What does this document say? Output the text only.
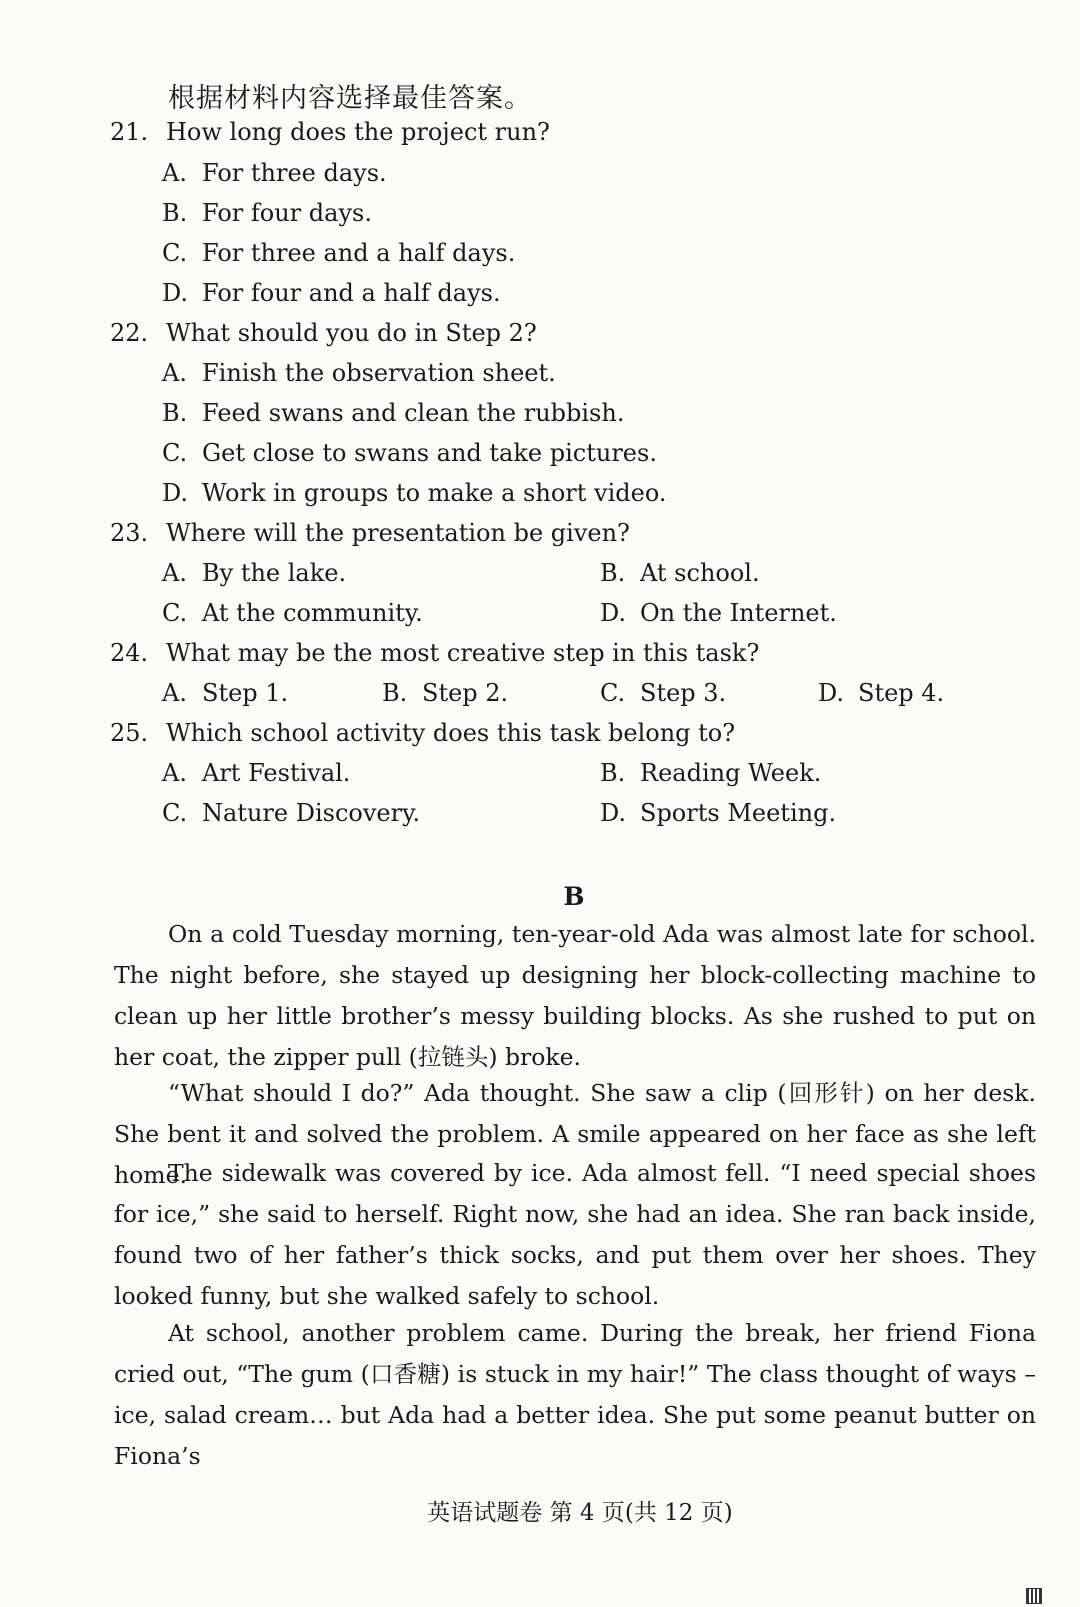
根据材料内容选择最佳答案。
21. How long does the project run?
A. For three days.
B. For four days.
C. For three and a half days.
D. For four and a half days.
22. What should you do in Step 2?
A. Finish the observation sheet.
B. Feed swans and clean the rubbish.
C. Get close to swans and take pictures.
D. Work in groups to make a short video.
23. Where will the presentation be given?
A. By the lake.	B. At school.
C. At the community.	D. On the Internet.
24. What may be the most creative step in this task?
A. Step 1.	B. Step 2.	C. Step 3.	D. Step 4.
25. Which school activity does this task belong to?
A. Art Festival.	B. Reading Week.
C. Nature Discovery.	D. Sports Meeting.
B
On a cold Tuesday morning, ten-year-old Ada was almost late for school. The night before, she stayed up designing her block-collecting machine to clean up her little brother’s messy building blocks. As she rushed to put on her coat, the zipper pull (拉链头) broke.
“What should I do?” Ada thought. She saw a clip (回形针) on her desk. She bent it and solved the problem. A smile appeared on her face as she left home.
The sidewalk was covered by ice. Ada almost fell. “I need special shoes for ice,” she said to herself. Right now, she had an idea. She ran back inside, found two of her father’s thick socks, and put them over her shoes. They looked funny, but she walked safely to school.
At school, another problem came. During the break, her friend Fiona cried out, “The gum (口香糖) is stuck in my hair!” The class thought of ways – ice, salad cream… but Ada had a better idea. She put some peanut butter on Fiona’s
英语试题卷 第 4 页(共 12 页)
